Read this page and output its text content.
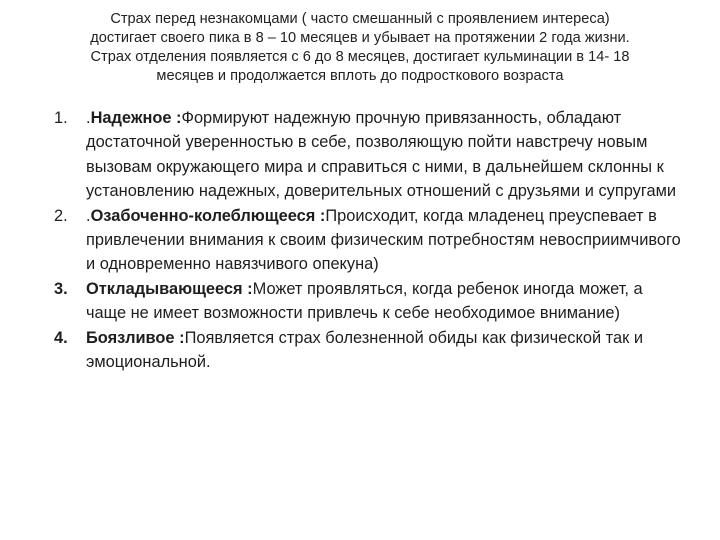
Страх перед незнакомцами ( часто смешанный с проявлением интереса)
достигает своего пика в 8 – 10 месяцев и убывает на протяжении 2 года жизни.
Страх отделения появляется с 6 до 8 месяцев, достигает кульминации в 14- 18
месяцев и продолжается вплоть до подросткового возраста
1.	.Надежное :Формируют надежную прочную привязанность, обладают достаточной уверенностью в себе, позволяющую пойти навстречу новым вызовам окружающего мира и справиться с ними, в дальнейшем склонны к установлению надежных, доверительных отношений с друзьями и супругами
2.	.Озабоченно-колеблющееся :Происходит, когда младенец преуспевает в привлечении внимания к своим физическим потребностям невосприимчивого и одновременно навязчивого опекуна)
3.	Откладывающееся :Может проявляться, когда ребенок иногда может, а чаще не имеет возможности привлечь к себе необходимое внимание)
4.	Боязливое :Появляется страх болезненной обиды как физической так и эмоциональной.
